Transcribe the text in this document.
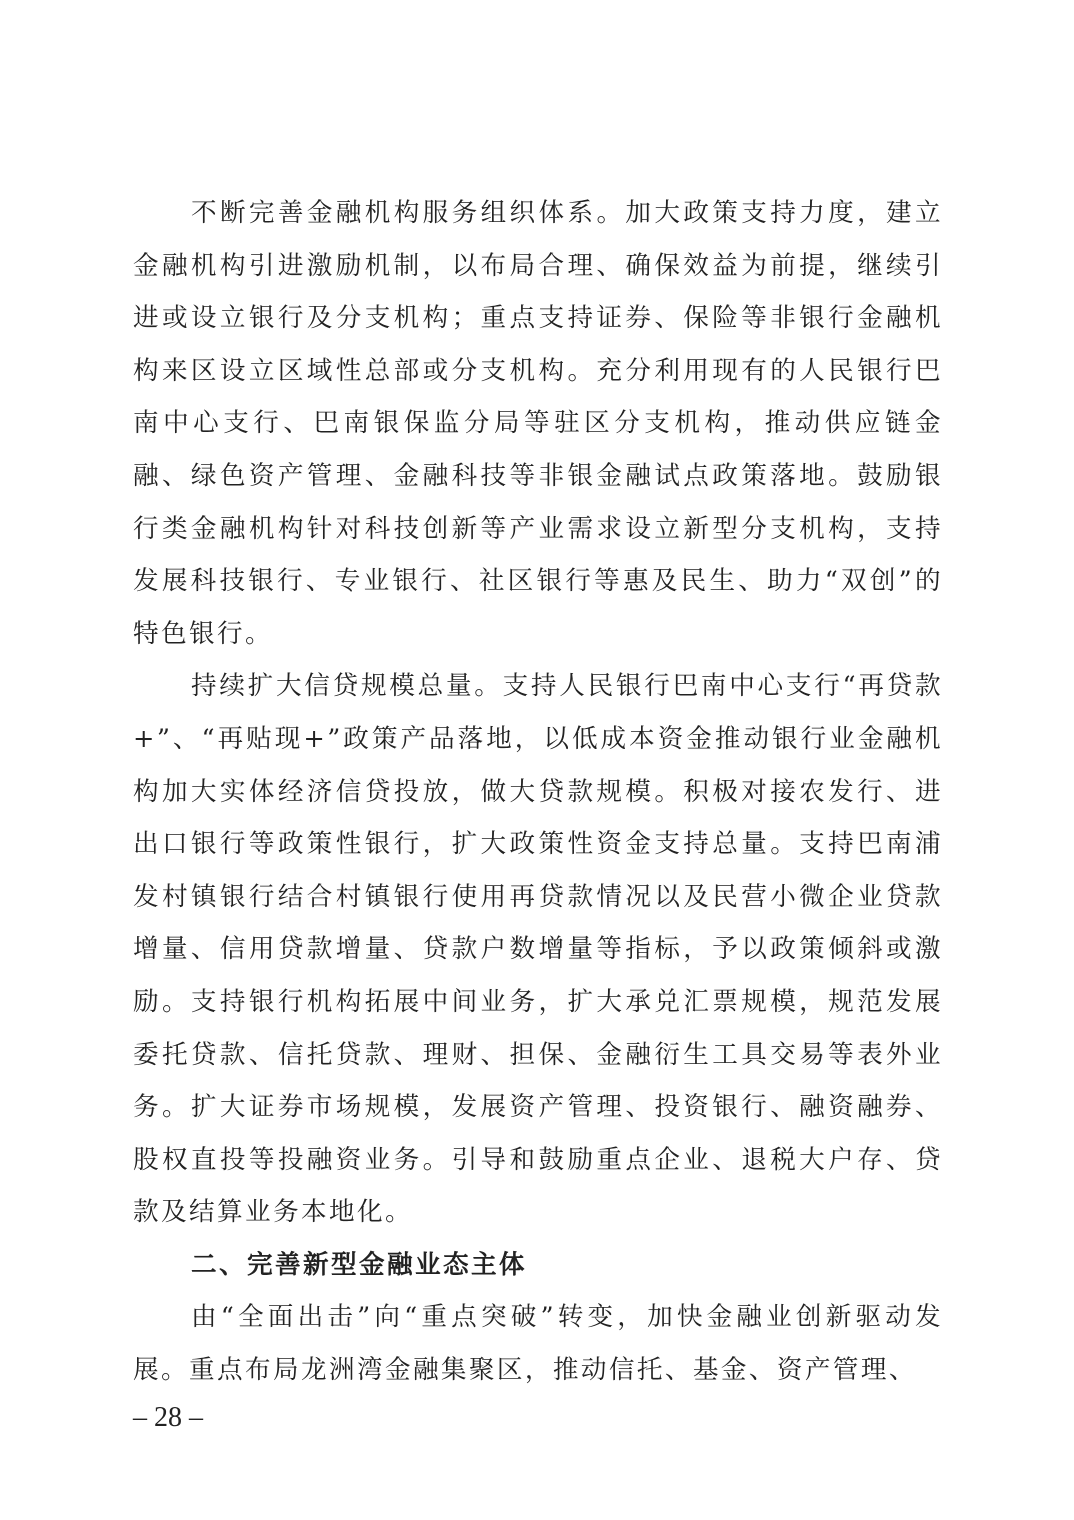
不断完善金融机构服务组织体系。加大政策支持力度，建立金融机构引进激励机制，以布局合理、确保效益为前提，继续引进或设立银行及分支机构；重点支持证券、保险等非银行金融机构来区设立区域性总部或分支机构。充分利用现有的人民银行巴南中心支行、巴南银保监分局等驻区分支机构，推动供应链金融、绿色资产管理、金融科技等非银金融试点政策落地。鼓励银行类金融机构针对科技创新等产业需求设立新型分支机构，支持发展科技银行、专业银行、社区银行等惠及民生、助力“双创”的特色银行。

持续扩大信贷规模总量。支持人民银行巴南中心支行“再贷款+”、“再贴现+”政策产品落地，以低成本资金推动银行业金融机构加大实体经济信贷投放，做大贷款规模。积极对接农发行、进出口银行等政策性银行，扩大政策性资金支持总量。支持巴南浦发村镇银行结合村镇银行使用再贷款情况以及民营小微企业贷款增量、信用贷款增量、贷款户数增量等指标，予以政策倾斜或激励。支持银行机构拓展中间业务，扩大承兑汇票规模，规范发展委托贷款、信托贷款、理财、担保、金融衍生工具交易等表外业务。扩大证券市场规模，发展资产管理、投资银行、融资融券、股权直投等投融资业务。引导和鼓励重点企业、退税大户存、贷款及结算业务本地化。

二、完善新型金融业态主体

由“全面出击”向“重点突破”转变，加快金融业创新驱动发展。重点布局龙洲湾金融集聚区，推动信托、基金、资产管理、

– 28 –
